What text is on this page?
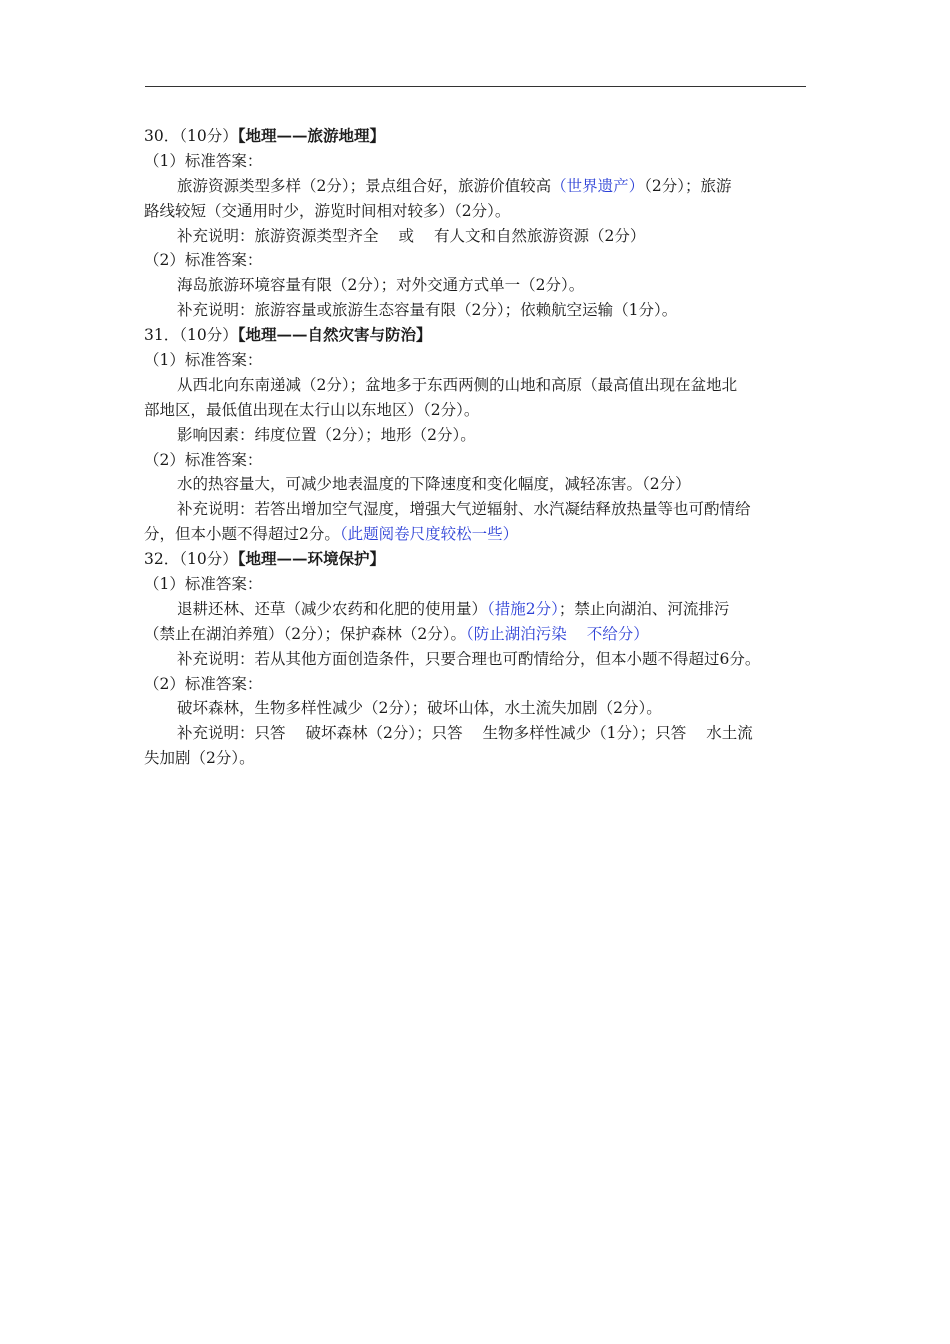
30．（10分）【地理——旅游地理】
（1）标准答案：
旅游资源类型多样（2分）；景点组合好，旅游价值较高（世界遗产）（2分）；旅游
路线较短（交通用时少，游览时间相对较多）（2分）。
补充说明：旅游资源类型齐全 或 有人文和自然旅游资源（2分）
（2）标准答案：
海岛旅游环境容量有限（2分）；对外交通方式单一（2分）。
补充说明：旅游容量或旅游生态容量有限（2分）；依赖航空运输（1分）。
31．（10分）【地理——自然灾害与防治】
（1）标准答案：
从西北向东南递减（2分）；盆地多于东西两侧的山地和高原（最高值出现在盆地北
部地区，最低值出现在太行山以东地区）（2分）。
影响因素：纬度位置（2分）；地形（2分）。
（2）标准答案：
水的热容量大，可减少地表温度的下降速度和变化幅度，减轻冻害。（2分）
补充说明：若答出增加空气湿度，增强大气逆辐射、水汽凝结释放热量等也可酌情给
分，但本小题不得超过2分。（此题阅卷尺度较松一些）
32．（10分）【地理——环境保护】
（1）标准答案：
退耕还林、还草（减少农药和化肥的使用量）（措施2分）；禁止向湖泊、河流排污
（禁止在湖泊养殖）（2分）；保护森林（2分）。（防止湖泊污染 不给分）
补充说明：若从其他方面创造条件，只要合理也可酌情给分，但本小题不得超过6分。
（2）标准答案：
破坏森林，生物多样性减少（2分）；破坏山体，水土流失加剧（2分）。
补充说明：只答 破坏森林（2分）；只答 生物多样性减少（1分）；只答 水土流
失加剧（2分）。
